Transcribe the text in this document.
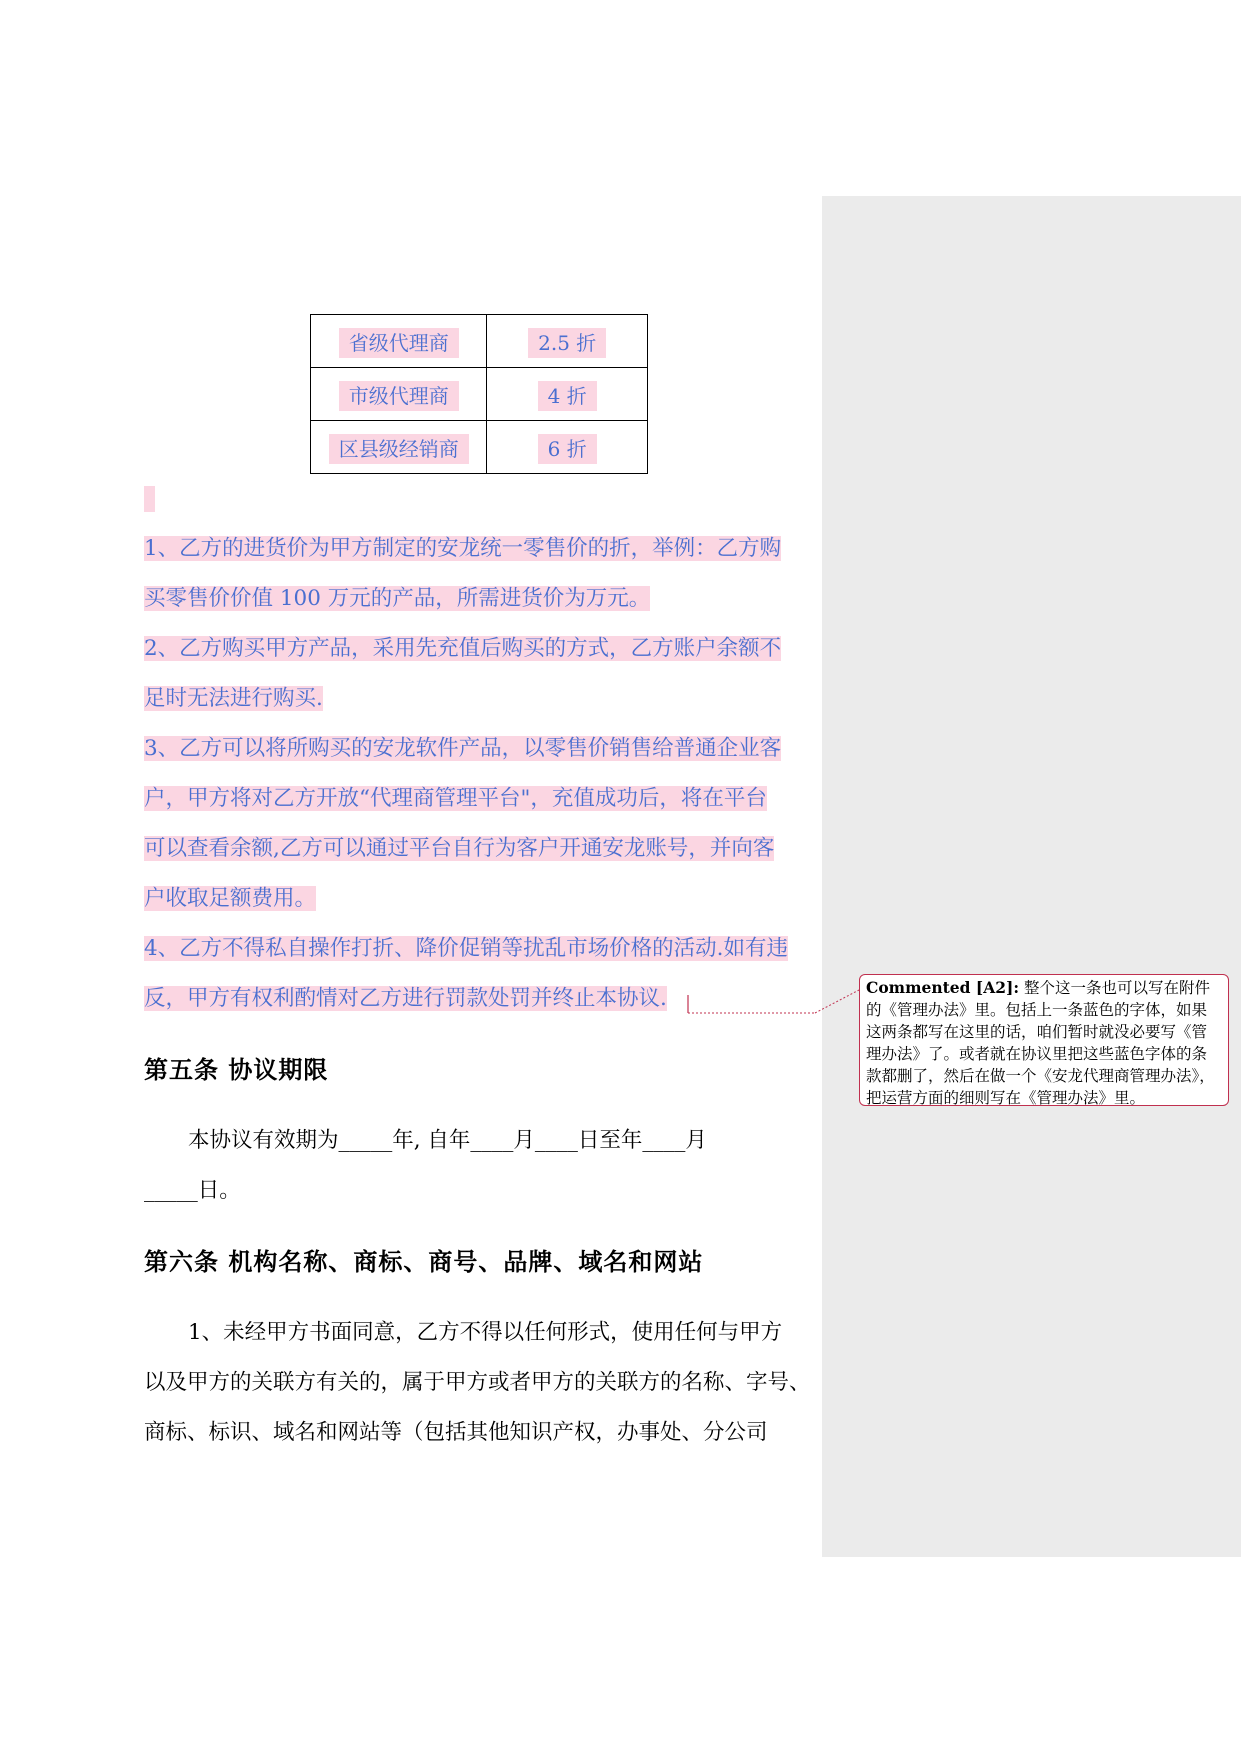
省级代理商	2.5 折
市级代理商	4 折
区县级经销商	6 折
1、乙方的进货价为甲方制定的安龙统一零售价的折，举例：乙方购
买零售价价值 100 万元的产品，所需进货价为万元。
2、乙方购买甲方产品，采用先充值后购买的方式，乙方账户余额不
足时无法进行购买.
3、乙方可以将所购买的安龙软件产品，以零售价销售给普通企业客
户，甲方将对乙方开放“代理商管理平台"，充值成功后，将在平台
可以查看余额,乙方可以通过平台自行为客户开通安龙账号，并向客
户收取足额费用。
4、乙方不得私自操作打折、降价促销等扰乱市场价格的活动.如有违
反，甲方有权利酌情对乙方进行罚款处罚并终止本协议.
第五条 协议期限
本协议有效期为_____年, 自年____月____日至年____月
_____日。
第六条 机构名称、商标、商号、品牌、域名和网站
1、未经甲方书面同意，乙方不得以任何形式，使用任何与甲方
以及甲方的关联方有关的，属于甲方或者甲方的关联方的名称、字号、
商标、标识、域名和网站等（包括其他知识产权，办事处、分公司
Commented [A2]: 整个这一条也可以写在附件的《管理办法》里。包括上一条蓝色的字体，如果这两条都写在这里的话，咱们暂时就没必要写《管理办法》了。或者就在协议里把这些蓝色字体的条款都删了，然后在做一个《安龙代理商管理办法》，把运营方面的细则写在《管理办法》里。
